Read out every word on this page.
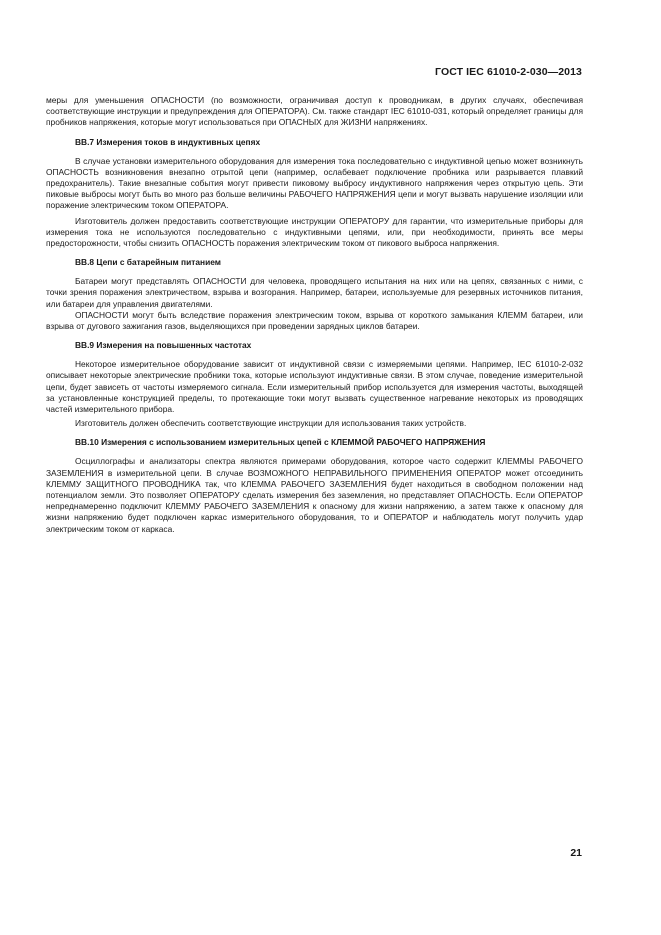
ГОСТ IEC 61010-2-030—2013

меры для уменьшения ОПАСНОСТИ (по возможности, ограничивая доступ к проводникам, в других случаях, обеспечивая соответствующие инструкции и предупреждения для ОПЕРАТОРА). См. также стандарт IEC 61010-031, который определяет границы для пробников напряжения, которые могут использоваться при ОПАСНЫХ для ЖИЗНИ напряжениях.

BB.7 Измерения токов в индуктивных цепях

В случае установки измерительного оборудования для измерения тока последовательно с индуктивной цепью может возникнуть ОПАСНОСТЬ возникновения внезапно отрытой цепи (например, ослабевает подключение пробника или разрывается плавкий предохранитель). Такие внезапные события могут привести пиковому выбросу индуктивного напряжения через открытую цепь. Эти пиковые выбросы могут быть во много раз больше величины РАБОЧЕГО НАПРЯЖЕНИЯ цепи и могут вызвать нарушение изоляции или поражение электрическим током ОПЕРАТОРА.

Изготовитель должен предоставить соответствующие инструкции ОПЕРАТОРУ для гарантии, что измерительные приборы для измерения тока не используются последовательно с индуктивными цепями, или, при необходимости, принять все меры предосторожности, чтобы снизить ОПАСНОСТЬ поражения электрическим током от пикового выброса напряжения.

BB.8 Цепи с батарейным питанием

Батареи могут представлять ОПАСНОСТИ для человека, проводящего испытания на них или на цепях, связанных с ними, с точки зрения поражения электричеством, взрыва и возгорания. Например, батареи, используемые для резервных источников питания, или батареи для управления двигателями.

ОПАСНОСТИ могут быть вследствие поражения электрическим током, взрыва от короткого замыкания КЛЕММ батареи, или взрыва от дугового зажигания газов, выделяющихся при проведении зарядных циклов батареи.

BB.9 Измерения на повышенных частотах

Некоторое измерительное оборудование зависит от индуктивной связи с измеряемыми цепями. Например, IEC 61010-2-032 описывает некоторые электрические пробники тока, которые используют индуктивные связи. В этом случае, поведение измерительной цепи, будет зависеть от частоты измеряемого сигнала. Если измерительный прибор используется для измерения частоты, выходящей за установленные конструкцией пределы, то протекающие токи могут вызвать существенное нагревание некоторых из проводящих частей измерительного прибора.

Изготовитель должен обеспечить соответствующие инструкции для использования таких устройств.

BB.10 Измерения с использованием измерительных цепей с КЛЕММОЙ РАБОЧЕГО НАПРЯЖЕНИЯ

Осциллографы и анализаторы спектра являются примерами оборудования, которое часто содержит КЛЕММЫ РАБОЧЕГО ЗАЗЕМЛЕНИЯ в измерительной цепи. В случае ВОЗМОЖНОГО НЕПРАВИЛЬНОГО ПРИМЕНЕНИЯ ОПЕРАТОР может отсоединить КЛЕММУ ЗАЩИТНОГО ПРОВОДНИКА так, что КЛЕММА РАБОЧЕГО ЗАЗЕМЛЕНИЯ будет находиться в свободном положении над потенциалом земли. Это позволяет ОПЕРАТОРУ сделать измерения без заземления, но представляет ОПАСНОСТЬ. Если ОПЕРАТОР непреднамеренно подключит КЛЕММУ РАБОЧЕГО ЗАЗЕМЛЕНИЯ к опасному для жизни напряжению, а затем также к опасному для жизни напряжению будет подключен каркас измерительного оборудования, то и ОПЕРАТОР и наблюдатель могут получить удар электрическим током от каркаса.

21
